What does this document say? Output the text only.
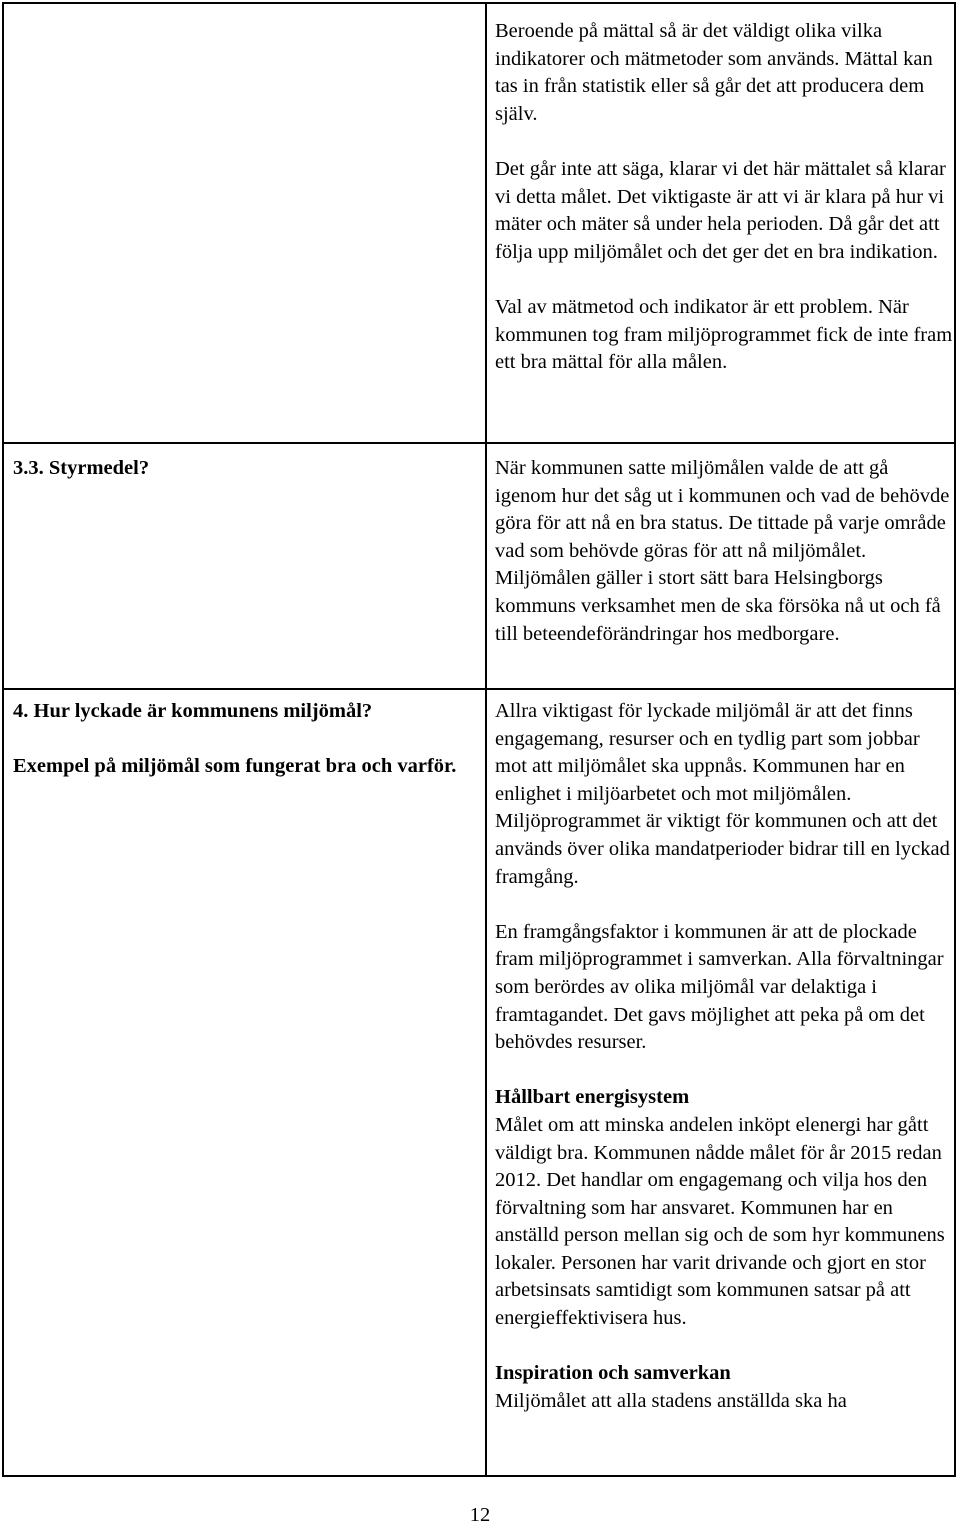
Beroende på mättal så är det väldigt olika vilka indikatorer och mätmetoder som används. Mättal kan tas in från statistik eller så går det att producera dem själv.

Det går inte att säga, klarar vi det här mättalet så klarar vi detta målet. Det viktigaste är att vi är klara på hur vi mäter och mäter så under hela perioden. Då går det att följa upp miljömålet och det ger det en bra indikation.

Val av mätmetod och indikator är ett problem. När kommunen tog fram miljöprogrammet fick de inte fram ett bra mättal för alla målen.

3.3. Styrmedel?	När kommunen satte miljömålen valde de att gå igenom hur det såg ut i kommunen och vad de behövde göra för att nå en bra status. De tittade på varje område vad som behövde göras för att nå miljömålet. Miljömålen gäller i stort sätt bara Helsingborgs kommuns verksamhet men de ska försöka nå ut och få till beteendeförändringar hos medborgare.

4. Hur lyckade är kommunens miljömål?

Exempel på miljömål som fungerat bra och varför.

Allra viktigast för lyckade miljömål är att det finns engagemang, resurser och en tydlig part som jobbar mot att miljömålet ska uppnås. Kommunen har en enlighet i miljöarbetet och mot miljömålen. Miljöprogrammet är viktigt för kommunen och att det används över olika mandatperioder bidrar till en lyckad framgång.

En framgångsfaktor i kommunen är att de plockade fram miljöprogrammet i samverkan. Alla förvaltningar som berördes av olika miljömål var delaktiga i framtagandet. Det gavs möjlighet att peka på om det behövdes resurser.

Hållbart energisystem

Målet om att minska andelen inköpt elenergi har gått väldigt bra. Kommunen nådde målet för år 2015 redan 2012. Det handlar om engagemang och vilja hos den förvaltning som har ansvaret. Kommunen har en anställd person mellan sig och de som hyr kommunens lokaler. Personen har varit drivande och gjort en stor arbetsinsats samtidigt som kommunen satsar på att energieffektivisera hus.

Inspiration och samverkan

Miljömålet att alla stadens anställda ska ha

12
